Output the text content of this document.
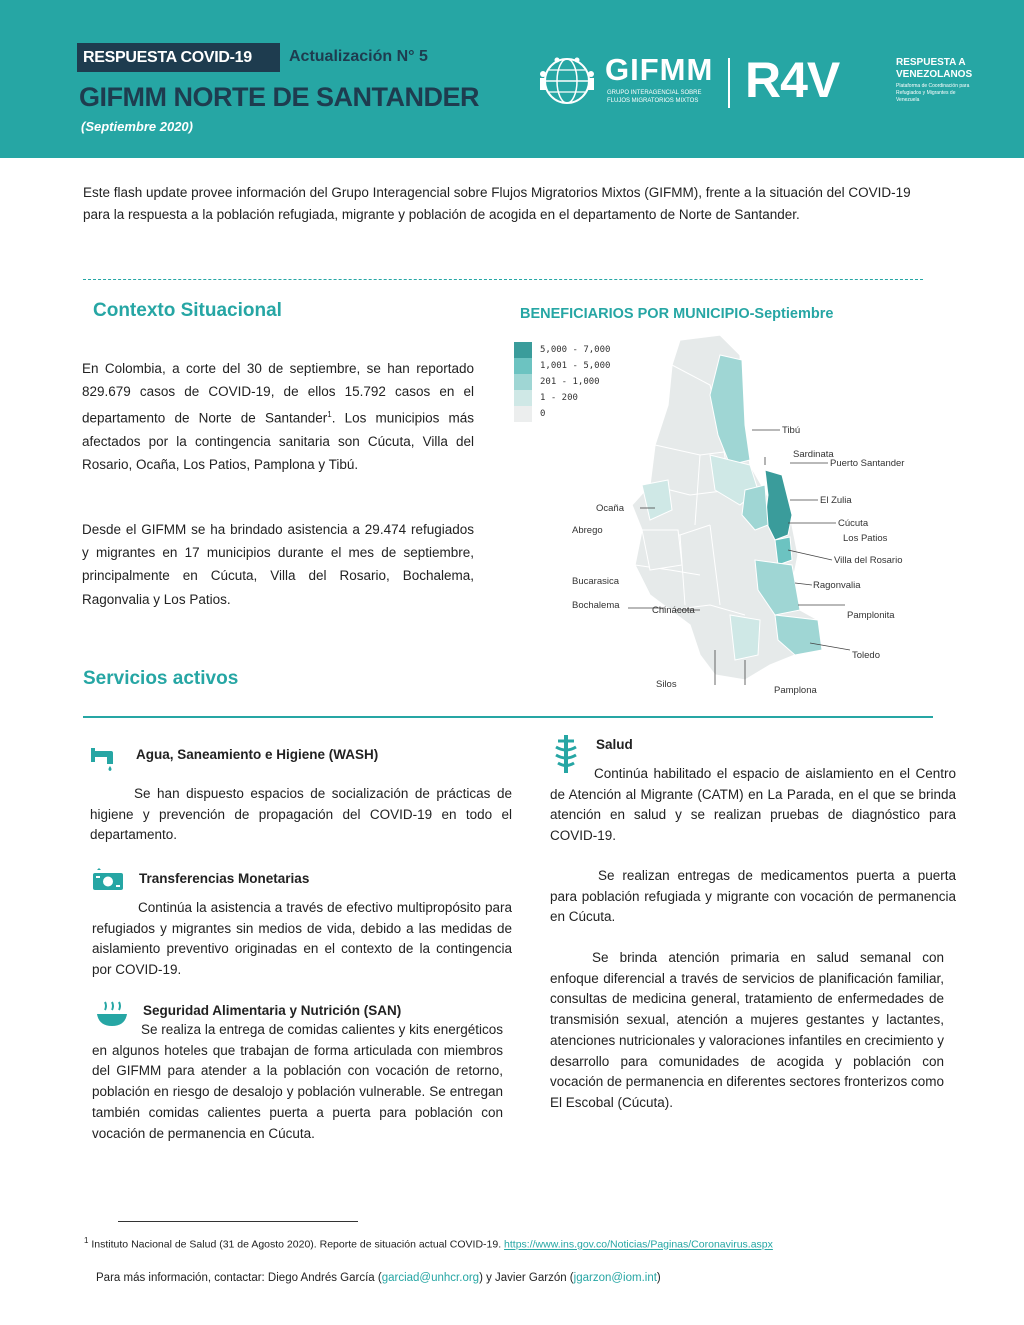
RESPUESTA COVID-19	Actualización N° 5
GIFMM NORTE DE SANTANDER
(Septiembre 2020)
GIFMM
GRUPO INTERAGENCIAL SOBRE FLUJOS MIGRATORIOS MIXTOS R4V	RESPUESTA A VENEZOLANOS
Plataforma de Coordinación para Refugiados y Migrantes de Venezuela

Este flash update provee información del Grupo Interagencial sobre Flujos Migratorios Mixtos (GIFMM), frente a la situación del COVID-19 para la respuesta a la población refugiada, migrante y población de acogida en el departamento de Norte de Santander.

Contexto Situacional

En Colombia, a corte del 30 de septiembre, se han reportado 829.679 casos de COVID-19, de ellos 15.792 casos en el departamento de Norte de Santander$^1$. Los municipios más afectados por la contingencia sanitaria son Cúcuta, Villa del Rosario, Ocaña, Los Patios, Pamplona y Tibú.

Desde el GIFMM se ha brindado asistencia a 29.474 refugiados y migrantes en 17 municipios durante el mes de septiembre, principalmente en Cúcuta, Villa del Rosario, Bochalema, Ragonvalia y Los Patios.

BENEFICIARIOS POR MUNICIPIO-Septiembre
5,000 - 7,000
1,001 - 5,000
201 - 1,000
1 - 200
0
Tibú
Sardinata
Puerto Santander
El Zulia
Cúcuta
Los Patios
Villa del Rosario
Ragonvalia
Pamplonita
Toledo
Ocaña
Abrego
Bucarasica
Bochalema	Chinácota
Silos
Pamplona
Servicios activos
Agua, Saneamiento e Higiene (WASH)

Se han dispuesto espacios de socialización de prácticas de higiene y prevención de propagación del COVID-19 en todo el departamento.

Transferencias Monetarias

Continúa la asistencia a través de efectivo multipropósito para refugiados y migrantes sin medios de vida, debido a las medidas de aislamiento preventivo originadas en el contexto de la contingencia por COVID-19.

Seguridad Alimentaria y Nutrición (SAN)

Se realiza la entrega de comidas calientes y kits energéticos en algunos hoteles que trabajan de forma articulada con miembros del GIFMM para atender a la población con vocación de retorno, población en riesgo de desalojo y población vulnerable. Se entregan también comidas calientes puerta a puerta para población con vocación de permanencia en Cúcuta.

Salud

Continúa habilitado el espacio de aislamiento en el Centro de Atención al Migrante (CATM) en La Parada, en el que se brinda atención en salud y se realizan pruebas de diagnóstico para COVID-19.

Se realizan entregas de medicamentos puerta a puerta para población refugiada y migrante con vocación de permanencia en Cúcuta.

Se brinda atención primaria en salud semanal con enfoque diferencial a través de servicios de planificación familiar, consultas de medicina general, tratamiento de enfermedades de transmisión sexual, atención a mujeres gestantes y lactantes, atenciones nutricionales y valoraciones infantiles en crecimiento y desarrollo para comunidades de acogida y población con vocación de permanencia en diferentes sectores fronterizos como El Escobal (Cúcuta).

$^1$ Instituto Nacional de Salud (31 de Agosto 2020). Reporte de situación actual COVID-19. https://www.ins.gov.co/Noticias/Paginas/Coronavirus.aspx
Para más información, contactar: Diego Andrés García (garciad@unhcr.org) y Javier Garzón (jgarzon@iom.int)
